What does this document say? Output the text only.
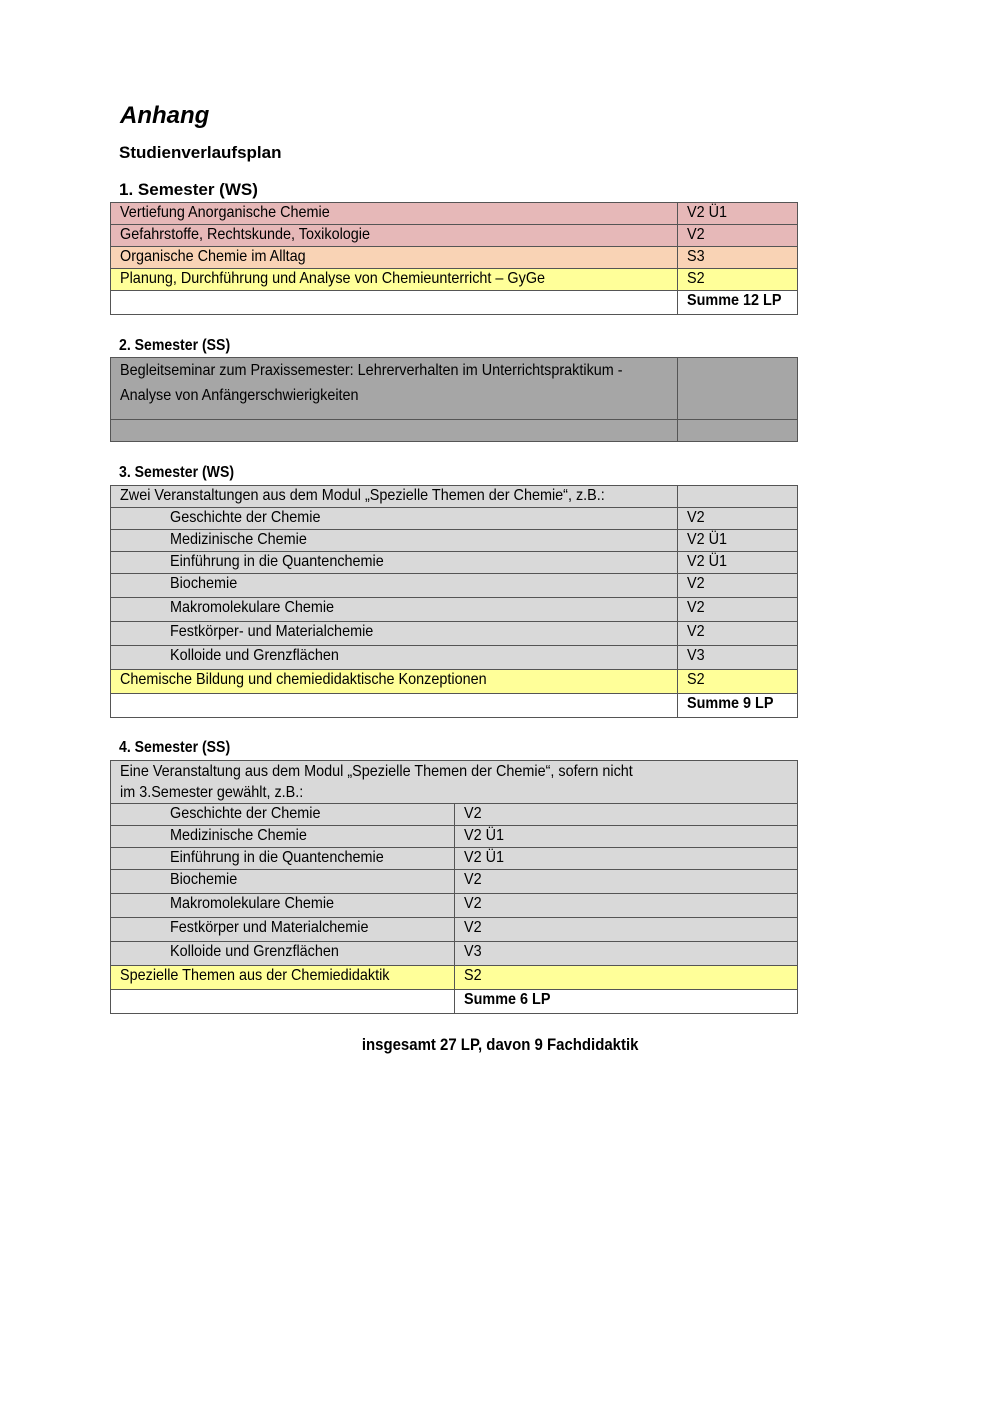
Anhang
Studienverlaufsplan
1. Semester (WS)
Vertiefung Anorganische Chemie	V2 Ü1
Gefahrstoffe, Rechtskunde, Toxikologie	V2
Organische Chemie im Alltag	S3
Planung, Durchführung und Analyse von Chemieunterricht – GyGe	S2
	Summe 12 LP
2. Semester (SS)
Begleitseminar zum Praxissemester: Lehrerverhalten im Unterrichtspraktikum -
Analyse von Anfängerschwierigkeiten	

3. Semester (WS)
Zwei Veranstaltungen aus dem Modul „Spezielle Themen der Chemie“, z.B.:	
Geschichte der Chemie	V2
Medizinische Chemie	V2 Ü1
Einführung in die Quantenchemie	V2 Ü1
Biochemie	V2
Makromolekulare Chemie	V2
Festkörper- und Materialchemie	V2
Kolloide und Grenzflächen	V3
Chemische Bildung und chemiedidaktische Konzeptionen	S2
	Summe 9 LP
4. Semester (SS)
Eine Veranstaltung aus dem Modul „Spezielle Themen der Chemie“, sofern nicht
im 3.Semester gewählt, z.B.:	
Geschichte der Chemie	V2
Medizinische Chemie	V2 Ü1
Einführung in die Quantenchemie	V2 Ü1
Biochemie	V2
Makromolekulare Chemie	V2
Festkörper und Materialchemie	V2
Kolloide und Grenzflächen	V3
Spezielle Themen aus der Chemiedidaktik	S2
	Summe 6 LP
insgesamt 27 LP, davon 9 Fachdidaktik
